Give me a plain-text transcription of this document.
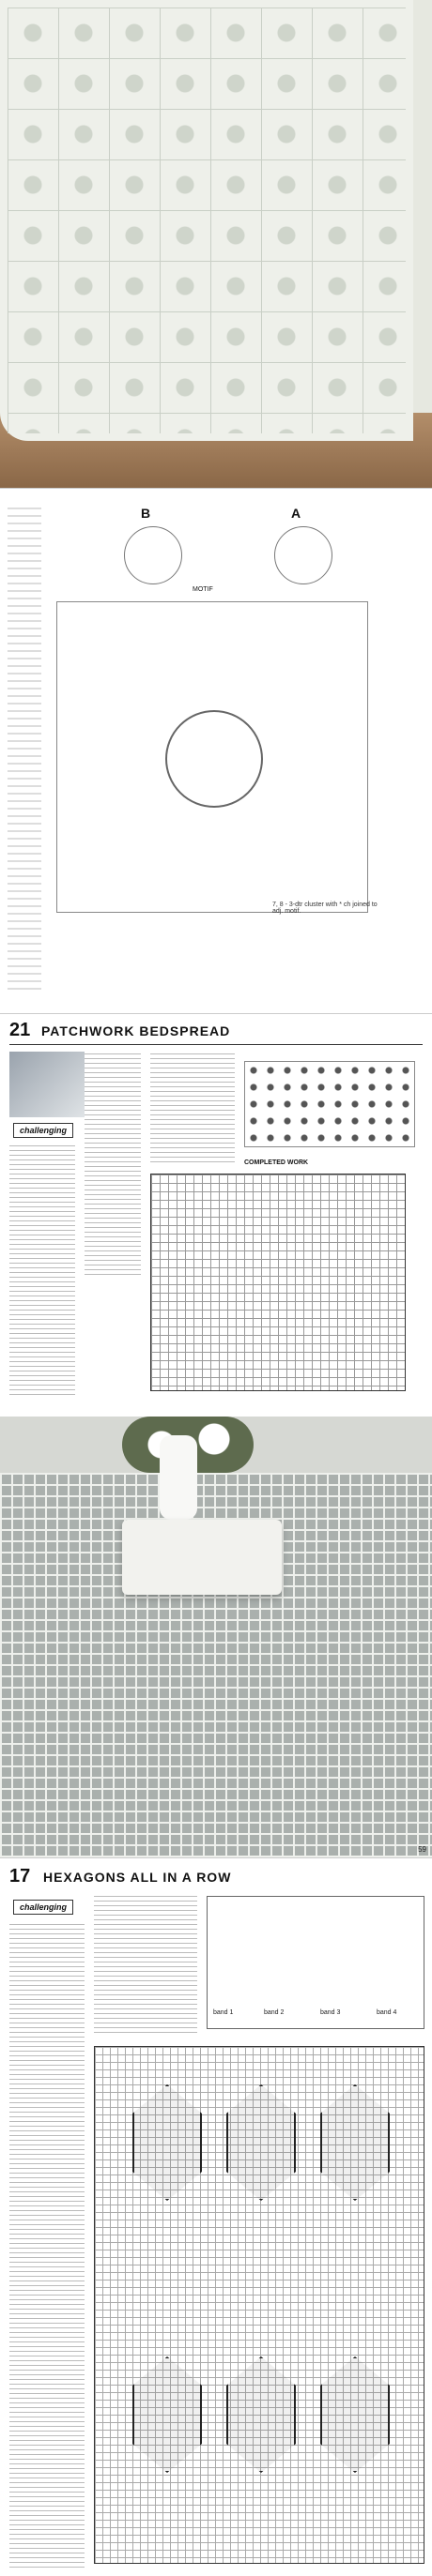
B	A
MOTIF
7, 8 - 3-dtr cluster with * ch joined to adj. motif.
21 PATCHWORK BEDSPREAD
challenging
COMPLETED WORK
59
17 HEXAGONS ALL IN A ROW
challenging
band 1	band 2	band 3	band 4
